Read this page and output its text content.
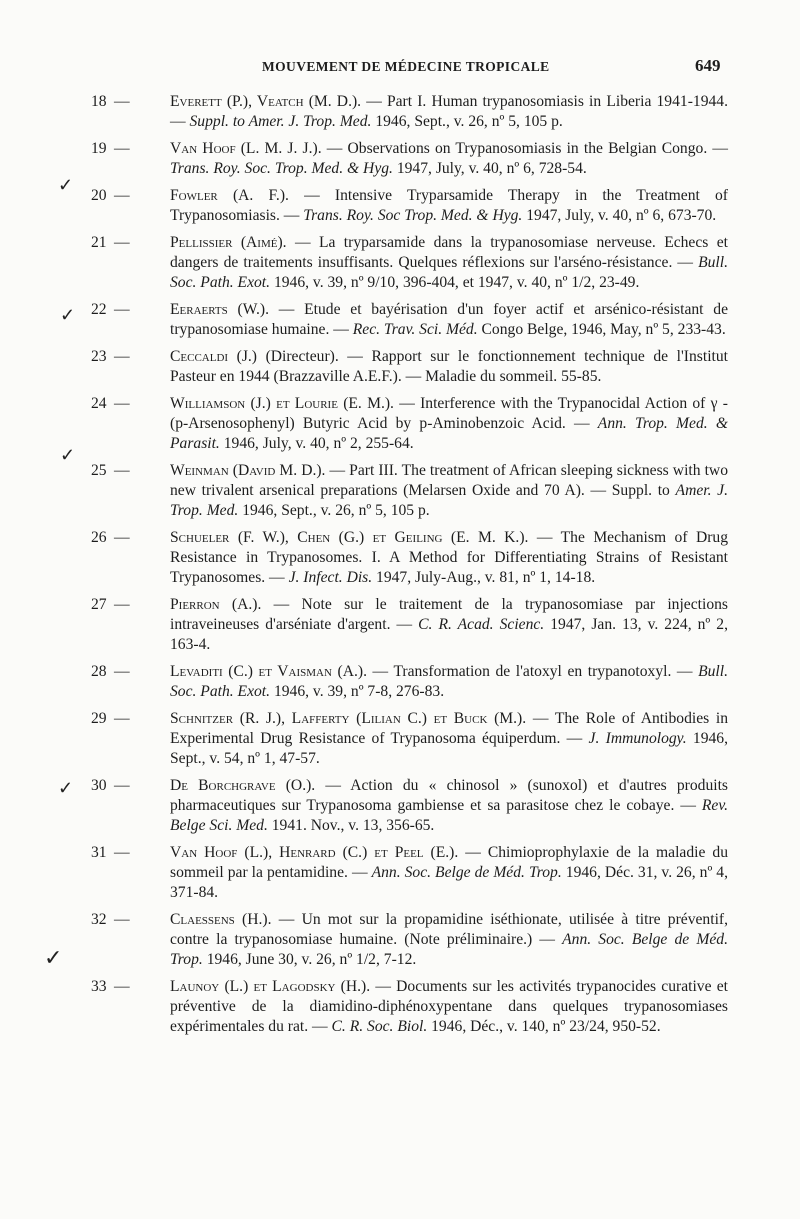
MOUVEMENT DE MÉDECINE TROPICALE	649
18 —	Everett (P.), Veatch (M. D.). — Part I. Human trypanosomiasis in Liberia 1941-1944. — Suppl. to Amer. J. Trop. Med. 1946, Sept., v. 26, nº 5, 105 p.
19 —	Van Hoof (L. M. J. J.). — Observations on Trypanosomiasis in the Belgian Congo. — Trans. Roy. Soc. Trop. Med. & Hyg. 1947, July, v. 40, nº 6, 728-54.
20 —	Fowler (A. F.). — Intensive Tryparsamide Therapy in the Treatment of Trypanosomiasis. — Trans. Roy. Soc Trop. Med. & Hyg. 1947, July, v. 40, nº 6, 673-70.
21 —	Pellissier (Aimé). — La tryparsamide dans la trypanosomiase nerveuse. Echecs et dangers de traitements insuffisants. Quelques réflexions sur l'arséno-résistance. — Bull. Soc. Path. Exot. 1946, v. 39, nº 9/10, 396-404, et 1947, v. 40, nº 1/2, 23-49.
22 —	Eeraerts (W.). — Etude et bayérisation d'un foyer actif et arsénico-résistant de trypanosomiase humaine. — Rec. Trav. Sci. Méd. Congo Belge, 1946, May, nº 5, 233-43.
23 —	Ceccaldi (J.) (Directeur). — Rapport sur le fonctionnement technique de l'Institut Pasteur en 1944 (Brazzaville A.E.F.). — Maladie du sommeil. 55-85.
24 —	Williamson (J.) et Lourie (E. M.). — Interference with the Trypanocidal Action of γ - (p-Arsenosophenyl) Butyric Acid by p-Aminobenzoic Acid. — Ann. Trop. Med. & Parasit. 1946, July, v. 40, nº 2, 255-64.
25 —	Weinman (David M. D.). — Part III. The treatment of African sleeping sickness with two new trivalent arsenical preparations (Melarsen Oxide and 70 A). — Suppl. to Amer. J. Trop. Med. 1946, Sept., v. 26, nº 5, 105 p.
26 —	Schueler (F. W.), Chen (G.) et Geiling (E. M. K.). — The Mechanism of Drug Resistance in Trypanosomes. I. A Method for Differentiating Strains of Resistant Trypanosomes. — J. Infect. Dis. 1947, July-Aug., v. 81, nº 1, 14-18.
27 —	Pierron (A.). — Note sur le traitement de la trypanosomiase par injections intraveineuses d'arséniate d'argent. — C. R. Acad. Scienc. 1947, Jan. 13, v. 224, nº 2, 163-4.
28 —	Levaditi (C.) et Vaisman (A.). — Transformation de l'atoxyl en trypanotoxyl. — Bull. Soc. Path. Exot. 1946, v. 39, nº 7-8, 276-83.
29 —	Schnitzer (R. J.), Lafferty (Lilian C.) et Buck (M.). — The Role of Antibodies in Experimental Drug Resistance of Trypanosoma équiperdum. — J. Immunology. 1946, Sept., v. 54, nº 1, 47-57.
30 —	De Borchgrave (O.). — Action du « chinosol » (sunoxol) et d'autres produits pharmaceutiques sur Trypanosoma gambiense et sa parasitose chez le cobaye. — Rev. Belge Sci. Med. 1941. Nov., v. 13, 356-65.
31 —	Van Hoof (L.), Henrard (C.) et Peel (E.). — Chimioprophylaxie de la maladie du sommeil par la pentamidine. — Ann. Soc. Belge de Méd. Trop. 1946, Déc. 31, v. 26, nº 4, 371-84.
32 —	Claessens (H.). — Un mot sur la propamidine iséthionate, utilisée à titre préventif, contre la trypanosomiase humaine. (Note préliminaire.) — Ann. Soc. Belge de Méd. Trop. 1946, June 30, v. 26, nº 1/2, 7-12.
33 —	Launoy (L.) et Lagodsky (H.). — Documents sur les activités trypanocides curative et préventive de la diamidino-diphénoxypentane dans quelques trypanosomiases expérimentales du rat. — C. R. Soc. Biol. 1946, Déc., v. 140, nº 23/24, 950-52.
✓
✓
✓
✓
✓
